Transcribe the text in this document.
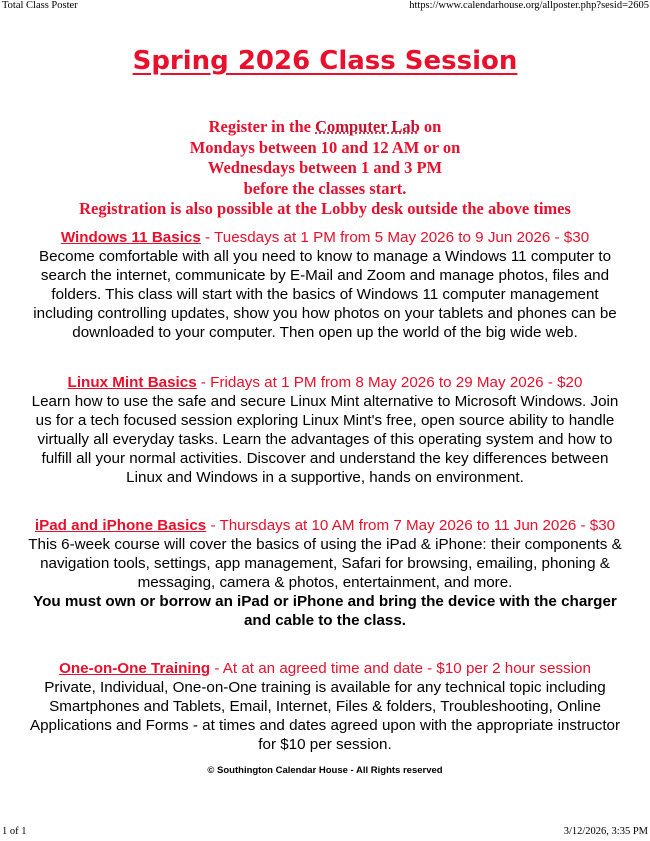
Total Class Poster	https://www.calendarhouse.org/allposter.php?sesid=2605
Spring 2026 Class Session
Register in the Computer Lab on
Mondays between 10 and 12 AM or on
Wednesdays between 1 and 3 PM
before the classes start.
Registration is also possible at the Lobby desk outside the above times
Windows 11 Basics - Tuesdays at 1 PM from 5 May 2026 to 9 Jun 2026 - $30
Become comfortable with all you need to know to manage a Windows 11 computer to search the internet, communicate by E-Mail and Zoom and manage photos, files and folders. This class will start with the basics of Windows 11 computer management including controlling updates, show you how photos on your tablets and phones can be downloaded to your computer. Then open up the world of the big wide web.
Linux Mint Basics - Fridays at 1 PM from 8 May 2026 to 29 May 2026 - $20
Learn how to use the safe and secure Linux Mint alternative to Microsoft Windows. Join us for a tech focused session exploring Linux Mint's free, open source ability to handle virtually all everyday tasks. Learn the advantages of this operating system and how to fulfill all your normal activities. Discover and understand the key differences between Linux and Windows in a supportive, hands on environment.
iPad and iPhone Basics - Thursdays at 10 AM from 7 May 2026 to 11 Jun 2026 - $30
This 6-week course will cover the basics of using the iPad & iPhone: their components & navigation tools, settings, app management, Safari for browsing, emailing, phoning & messaging, camera & photos, entertainment, and more.
You must own or borrow an iPad or iPhone and bring the device with the charger and cable to the class.
One-on-One Training - At at an agreed time and date - $10 per 2 hour session
Private, Individual, One-on-One training is available for any technical topic including Smartphones and Tablets, Email, Internet, Files & folders, Troubleshooting, Online Applications and Forms - at times and dates agreed upon with the appropriate instructor for $10 per session.
© Southington Calendar House - All Rights reserved
1 of 1	3/12/2026, 3:35 PM
